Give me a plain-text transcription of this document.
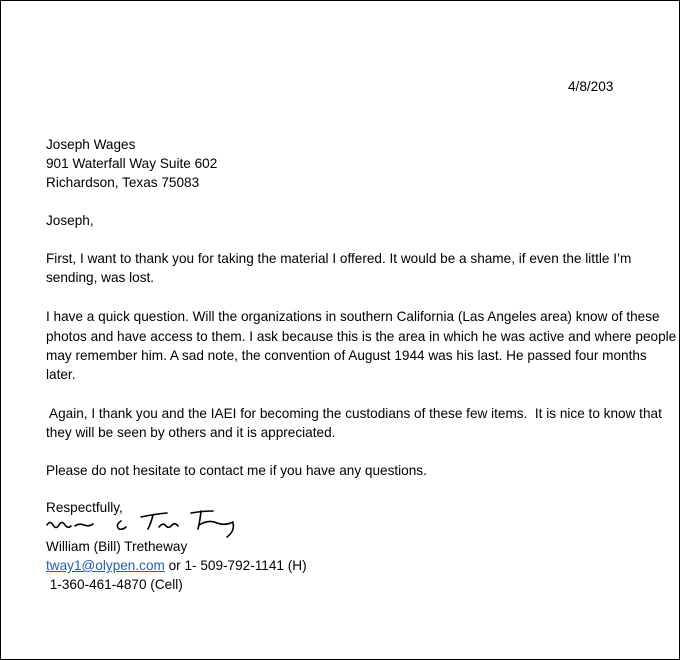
4/8/203
Joseph Wages
901 Waterfall Way Suite 602
Richardson, Texas 75083
Joseph,
First, I want to thank you for taking the material I offered. It would be a shame, if even the little I’m
sending, was lost.
I have a quick question. Will the organizations in southern California (Las Angeles area) know of these
photos and have access to them. I ask because this is the area in which he was active and where people
may remember him. A sad note, the convention of August 1944 was his last. He passed four months
later.
Again, I thank you and the IAEI for becoming the custodians of these few items.  It is nice to know that
they will be seen by others and it is appreciated.
Please do not hesitate to contact me if you have any questions.
Respectfully,
William (Bill) Tretheway
tway1@olypen.com or 1- 509-792-1141 (H)
1-360-461-4870 (Cell)
